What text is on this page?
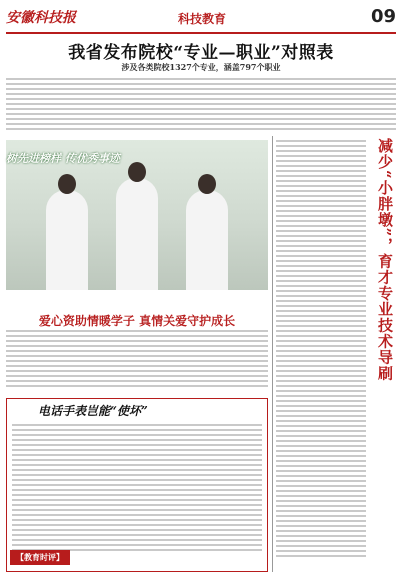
安徽科技报	科技教育	09
我省发布院校“专业—职业”对照表
涉及各类院校1327个专业，涵盖797个职业
树先进榜样 传优秀事迹	减少“小胖墩”，育才专业技术导刷
爱心资助情暖学子 真情关爱守护成长
电话手表岂能“使坏”
【教育时评】
